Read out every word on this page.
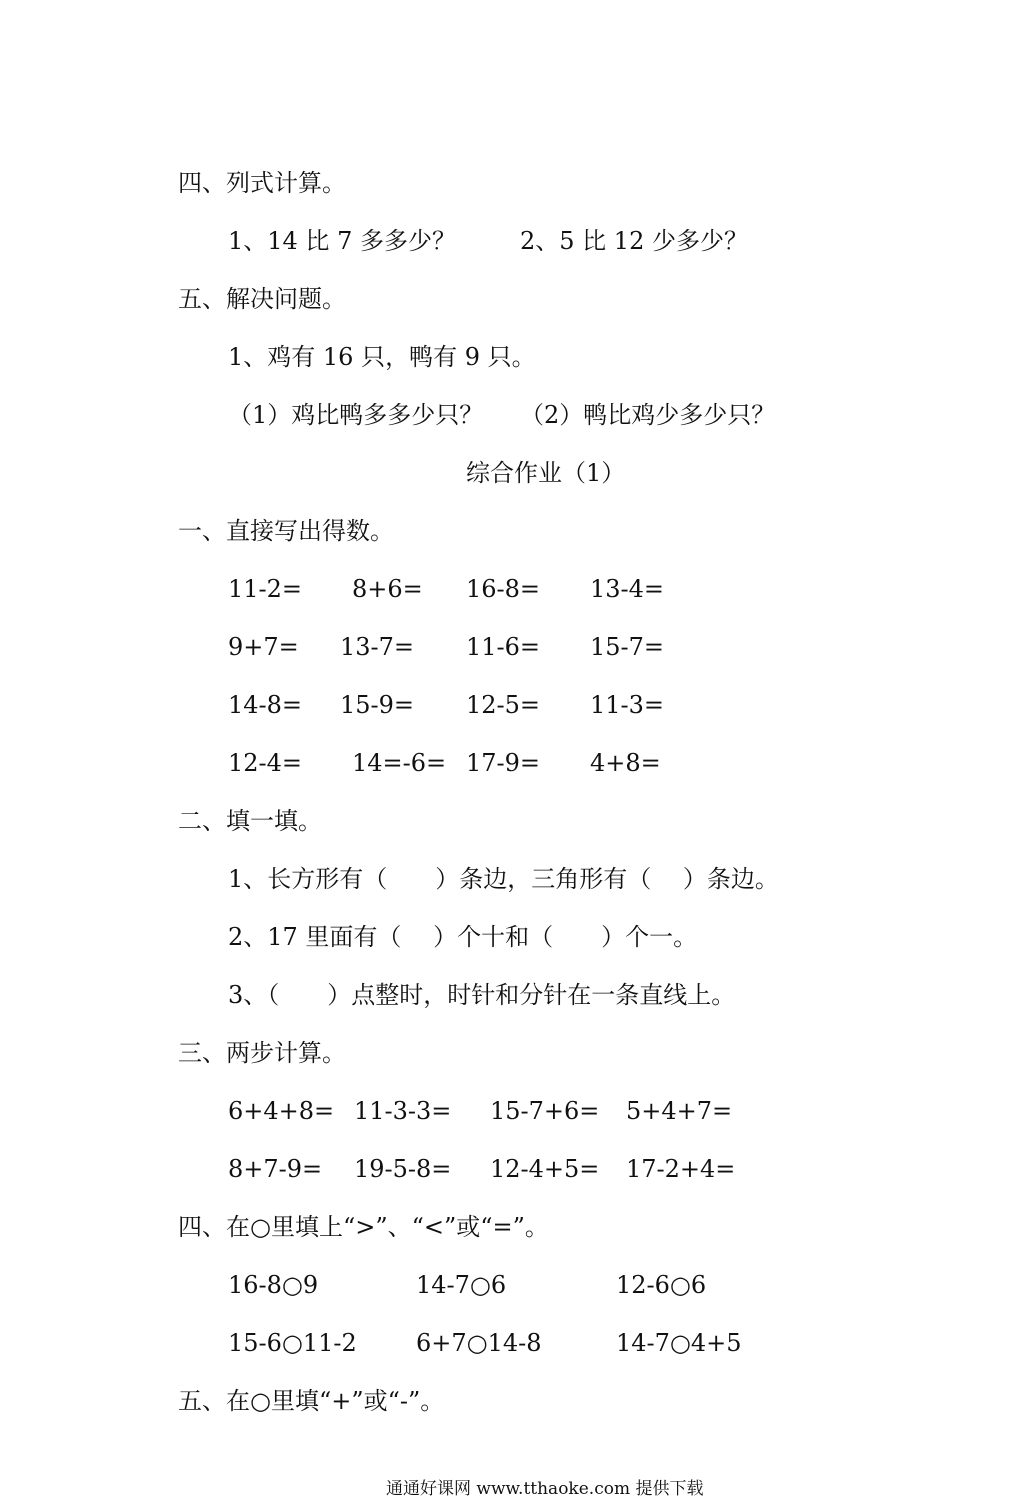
四、列式计算。
1、14 比 7 多多少？	2、5 比 12 少多少？
五、解决问题。
1、鸡有 16 只，鸭有 9 只。
（1）鸡比鸭多多少只？ （2）鸭比鸡少多少只？
综合作业（1）
一、直接写出得数。
11-2= 8+6= 16-8= 13-4=
9+7= 13-7= 11-6= 15-7=
14-8= 15-9= 12-5= 11-3=
12-4= 14=-6= 17-9= 4+8=
二、填一填。
1、长方形有（　　）条边，三角形有（　 ）条边。
2、17 里面有（　 ）个十和（　　）个一。
3、（　　）点整时，时针和分针在一条直线上。
三、两步计算。
6+4+8= 11-3-3= 15-7+6= 5+4+7=
8+7-9= 19-5-8= 12-4+5= 17-2+4=
四、在○里填上“>”、“<”或“=”。
16-8○9	14-7○6	12-6○6
15-6○11-2 6+7○14-8	14-7○4+5
五、在○里填“+”或“-”。
通通好课网 www.tthaoke.com 提供下载
